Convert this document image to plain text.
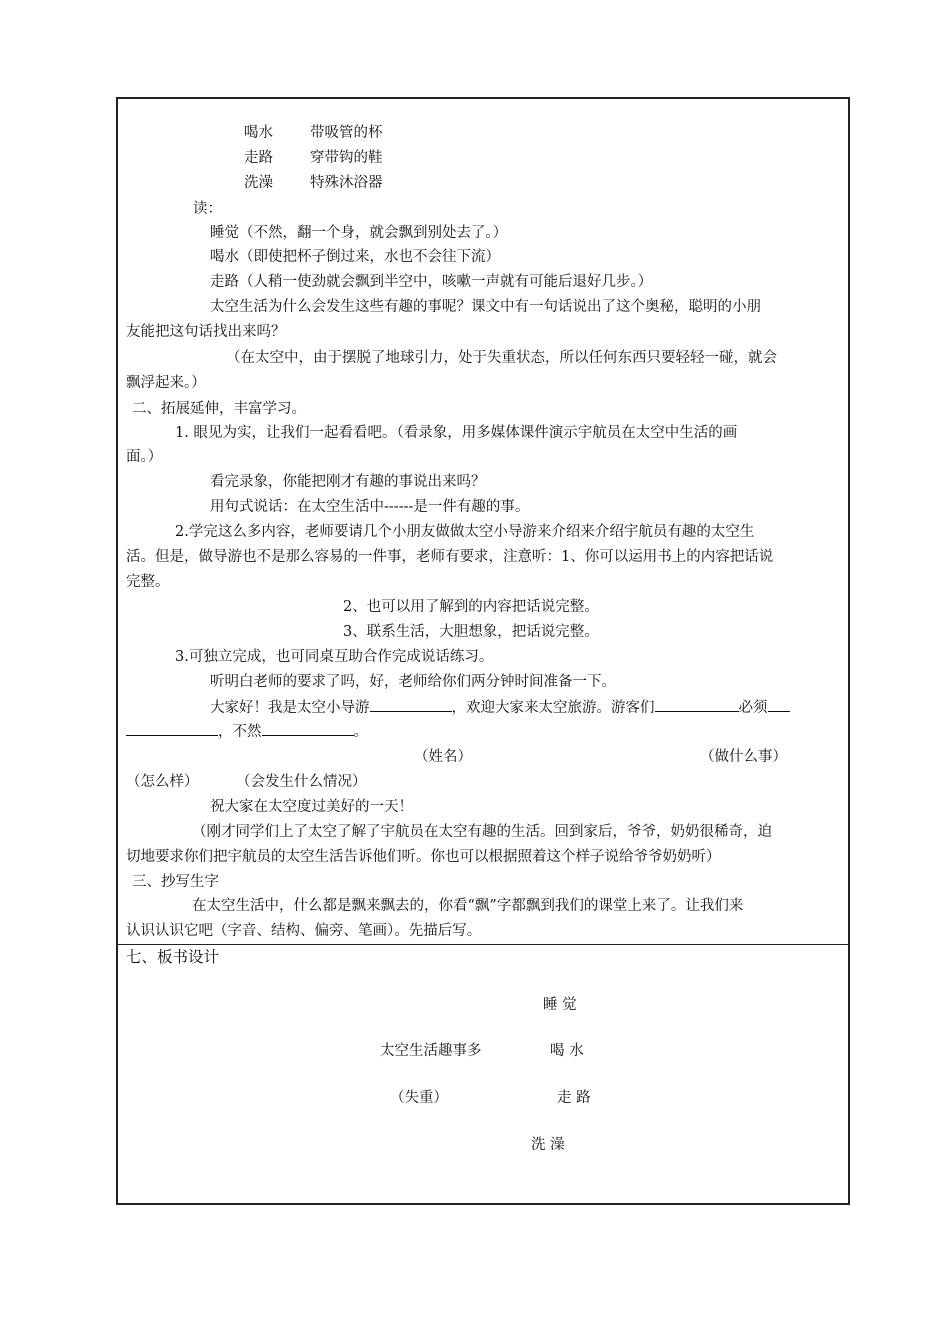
喝水	带吸管的杯
走路	穿带钩的鞋
洗澡	特殊沐浴器
读：
睡觉（不然，翻一个身，就会飘到别处去了。）
喝水（即使把杯子倒过来，水也不会往下流）
走路（人稍一使劲就会飘到半空中，咳嗽一声就有可能后退好几步。）
太空生活为什么会发生这些有趣的事呢？课文中有一句话说出了这个奥秘，聪明的小朋
友能把这句话找出来吗？
（在太空中，由于摆脱了地球引力，处于失重状态，所以任何东西只要轻轻一碰，就会
飘浮起来。）
二、拓展延伸，丰富学习。
1. 眼见为实，让我们一起看看吧。（看录象，用多媒体课件演示宇航员在太空中生活的画
面。）
看完录象，你能把刚才有趣的事说出来吗？
用句式说话：在太空生活中------是一件有趣的事。
2.学完这么多内容，老师要请几个小朋友做做太空小导游来介绍来介绍宇航员有趣的太空生
活。但是，做导游也不是那么容易的一件事，老师有要求，注意听：1、你可以运用书上的内容把话说
完整。
2、也可以用了解到的内容把话说完整。
3、联系生活，大胆想象，把话说完整。
3.可独立完成，也可同桌互助合作完成说话练习。
听明白老师的要求了吗，好，老师给你们两分钟时间准备一下。
大家好！我是太空小导游	，欢迎大家来太空旅游。游客们	必须
，不然	。
（姓名）	（做什么事）
（怎么样）	（会发生什么情况）
祝大家在太空度过美好的一天！
（刚才同学们上了太空了解了宇航员在太空有趣的生活。回到家后，爷爷，奶奶很稀奇，迫
切地要求你们把宇航员的太空生活告诉他们听。你也可以根据照着这个样子说给爷爷奶奶听）
三、抄写生字
在太空生活中，什么都是飘来飘去的，你看“飘”字都飘到我们的课堂上来了。让我们来
认识认识它吧（字音、结构、偏旁、笔画）。先描后写。
七、板书设计
睡 觉
太空生活趣事多	喝 水
（失重）	走 路
洗 澡
